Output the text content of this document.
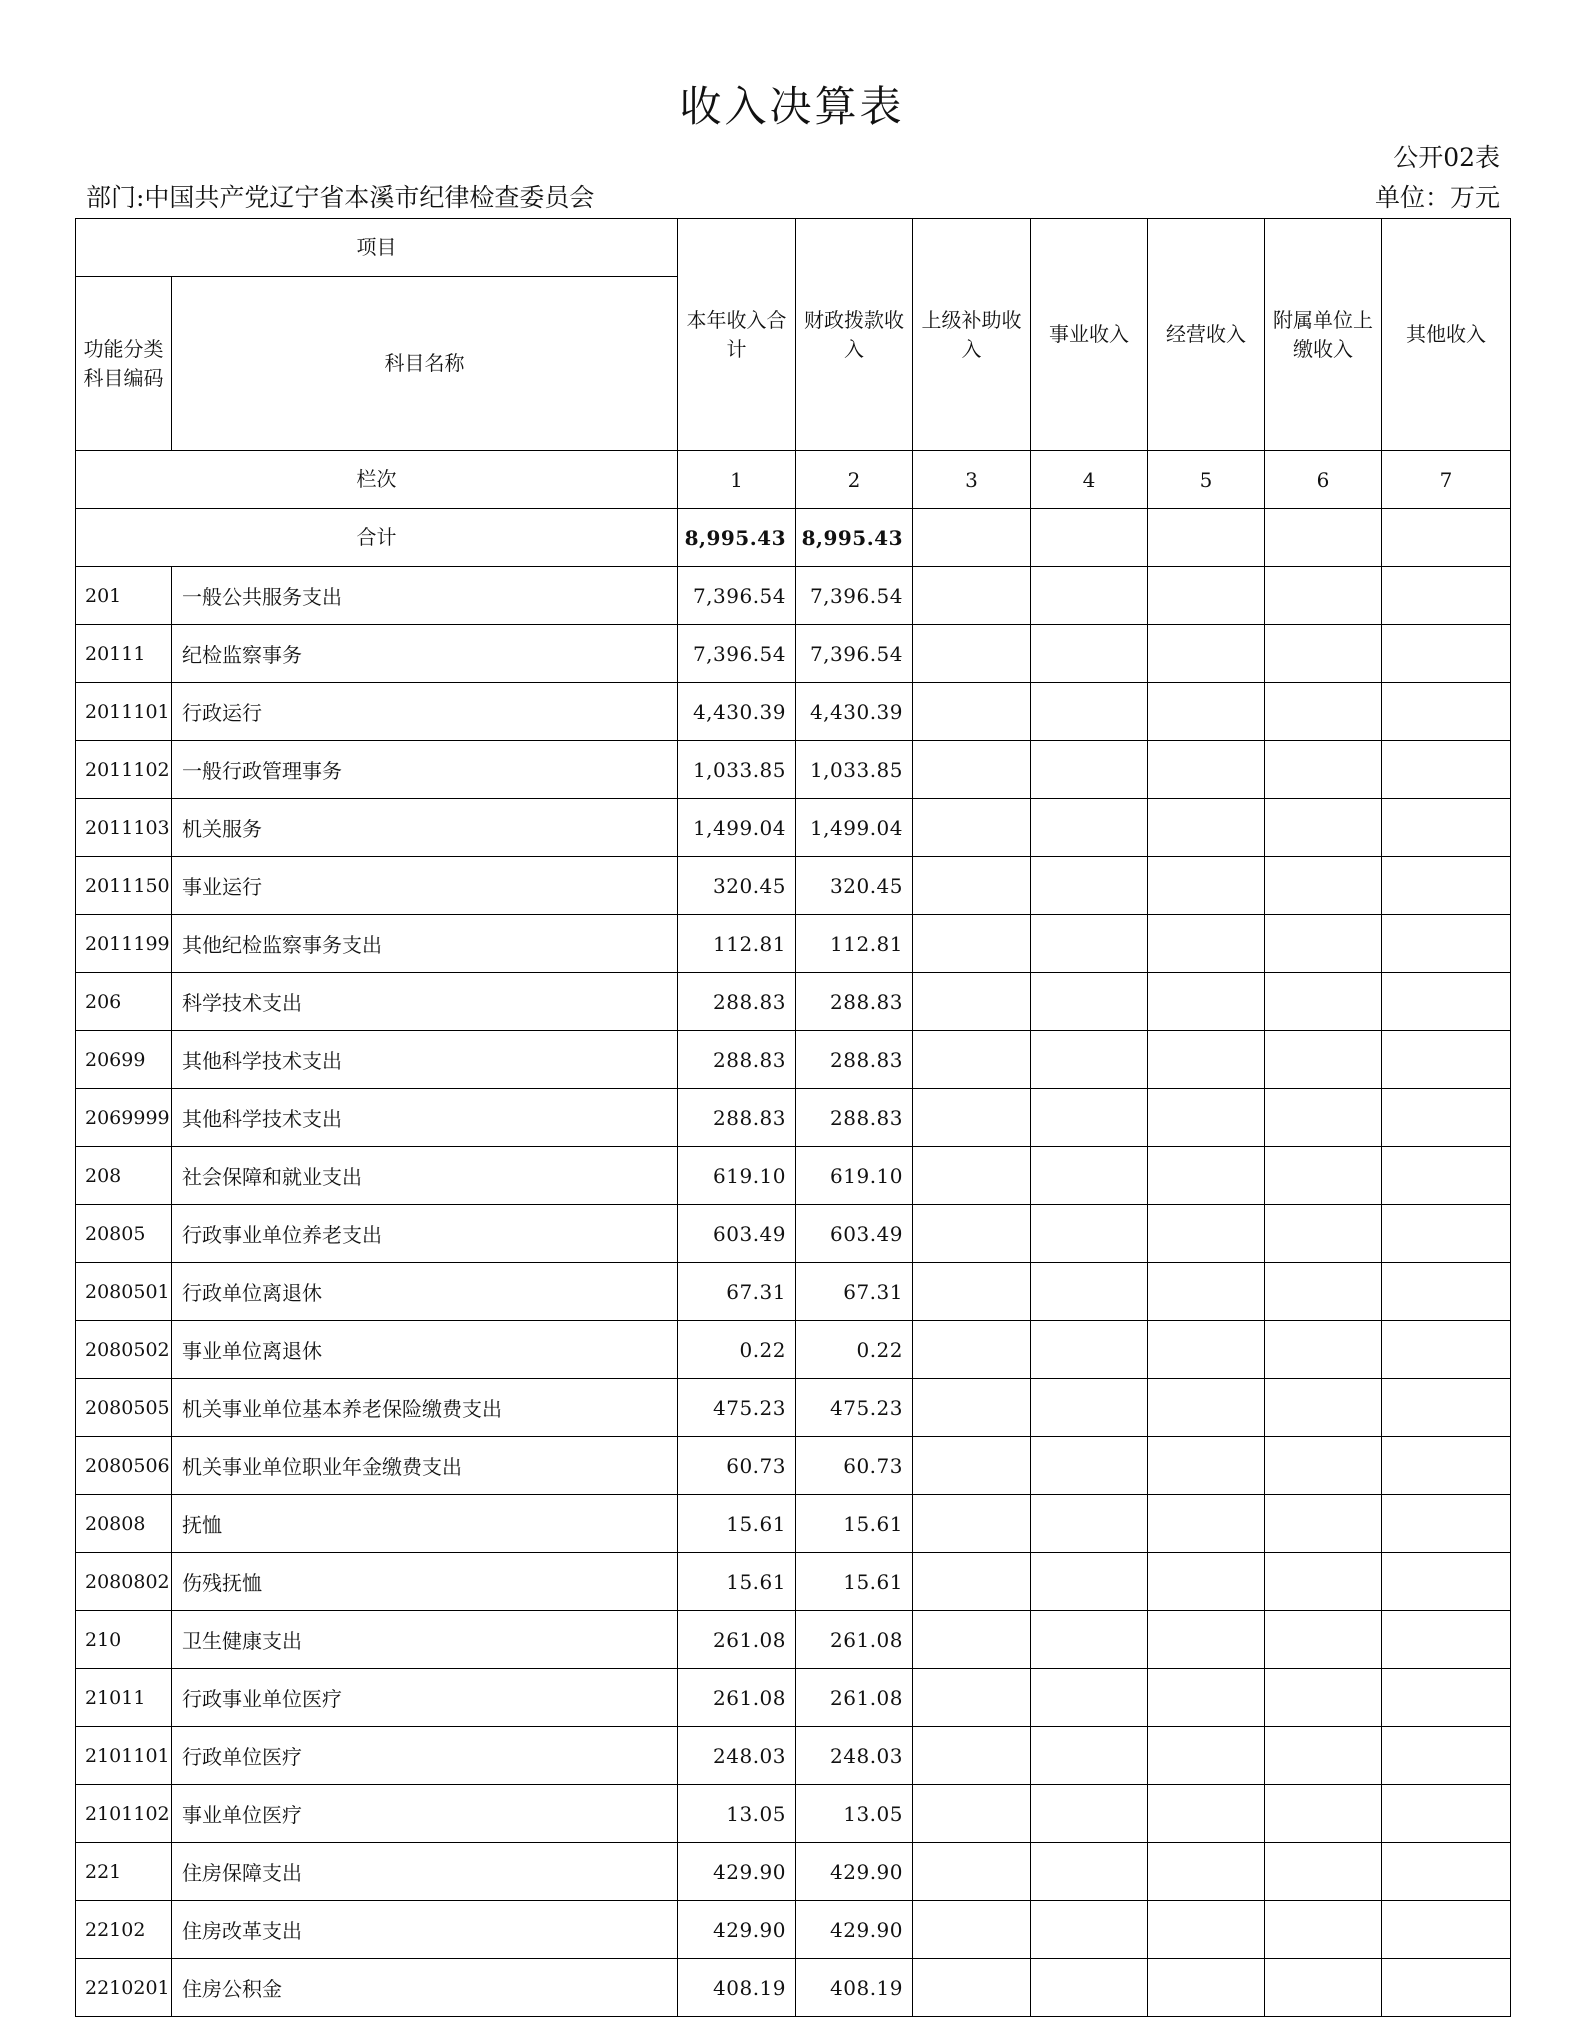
收入决算表
公开02表
部门:中国共产党辽宁省本溪市纪律检查委员会	单位：万元
项目		本年收入合计	财政拨款收入	上级补助收入	事业收入	经营收入	附属单位上缴收入	其他收入
功能分类科目编码	科目名称							
栏次		1	2	3	4	5	6	7
合计		8,995.43	8,995.43					
201	一般公共服务支出	7,396.54	7,396.54					
20111	纪检监察事务	7,396.54	7,396.54					
2011101	行政运行	4,430.39	4,430.39					
2011102	一般行政管理事务	1,033.85	1,033.85					
2011103	机关服务	1,499.04	1,499.04					
2011150	事业运行	320.45	320.45					
2011199	其他纪检监察事务支出	112.81	112.81					
206	科学技术支出	288.83	288.83					
20699	其他科学技术支出	288.83	288.83					
2069999	其他科学技术支出	288.83	288.83					
208	社会保障和就业支出	619.10	619.10					
20805	行政事业单位养老支出	603.49	603.49					
2080501	行政单位离退休	67.31	67.31					
2080502	事业单位离退休	0.22	0.22					
2080505	机关事业单位基本养老保险缴费支出	475.23	475.23					
2080506	机关事业单位职业年金缴费支出	60.73	60.73					
20808	抚恤	15.61	15.61					
2080802	伤残抚恤	15.61	15.61					
210	卫生健康支出	261.08	261.08					
21011	行政事业单位医疗	261.08	261.08					
2101101	行政单位医疗	248.03	248.03					
2101102	事业单位医疗	13.05	13.05					
221	住房保障支出	429.90	429.90					
22102	住房改革支出	429.90	429.90					
2210201	住房公积金	408.19	408.19					
